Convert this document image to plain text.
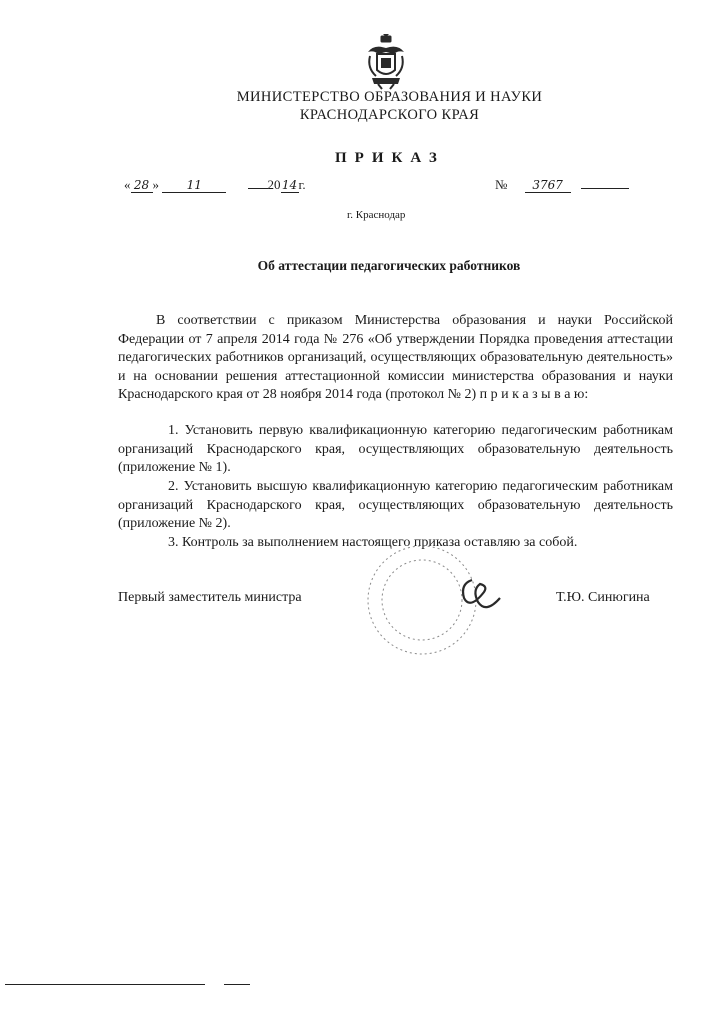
МИНИСТЕРСТВО ОБРАЗОВАНИЯ И НАУКИ
КРАСНОДАРСКОГО КРАЯ
ПРИКАЗ
« 28 » 11	2014г.	№ 3767
г. Краснодар
Об аттестации педагогических работников
В соответствии с приказом Министерства образования и науки Российской Федерации от 7 апреля 2014 года № 276 «Об утверждении Порядка проведения аттестации педагогических работников организаций, осуществляющих образовательную деятельность» и на основании решения аттестационной комиссии министерства образования и науки Краснодарского края от 28 ноября 2014 года (протокол № 2) п р и к а з ы в а ю:
1. Установить первую квалификационную категорию педагогическим работникам организаций Краснодарского края, осуществляющих образовательную деятельность (приложение № 1).
2. Установить высшую квалификационную категорию педагогическим работникам организаций Краснодарского края, осуществляющих образовательную деятельность (приложение № 2).
3. Контроль за выполнением настоящего приказа оставляю за собой.
Первый заместитель министра	Т.Ю. Синюгина
